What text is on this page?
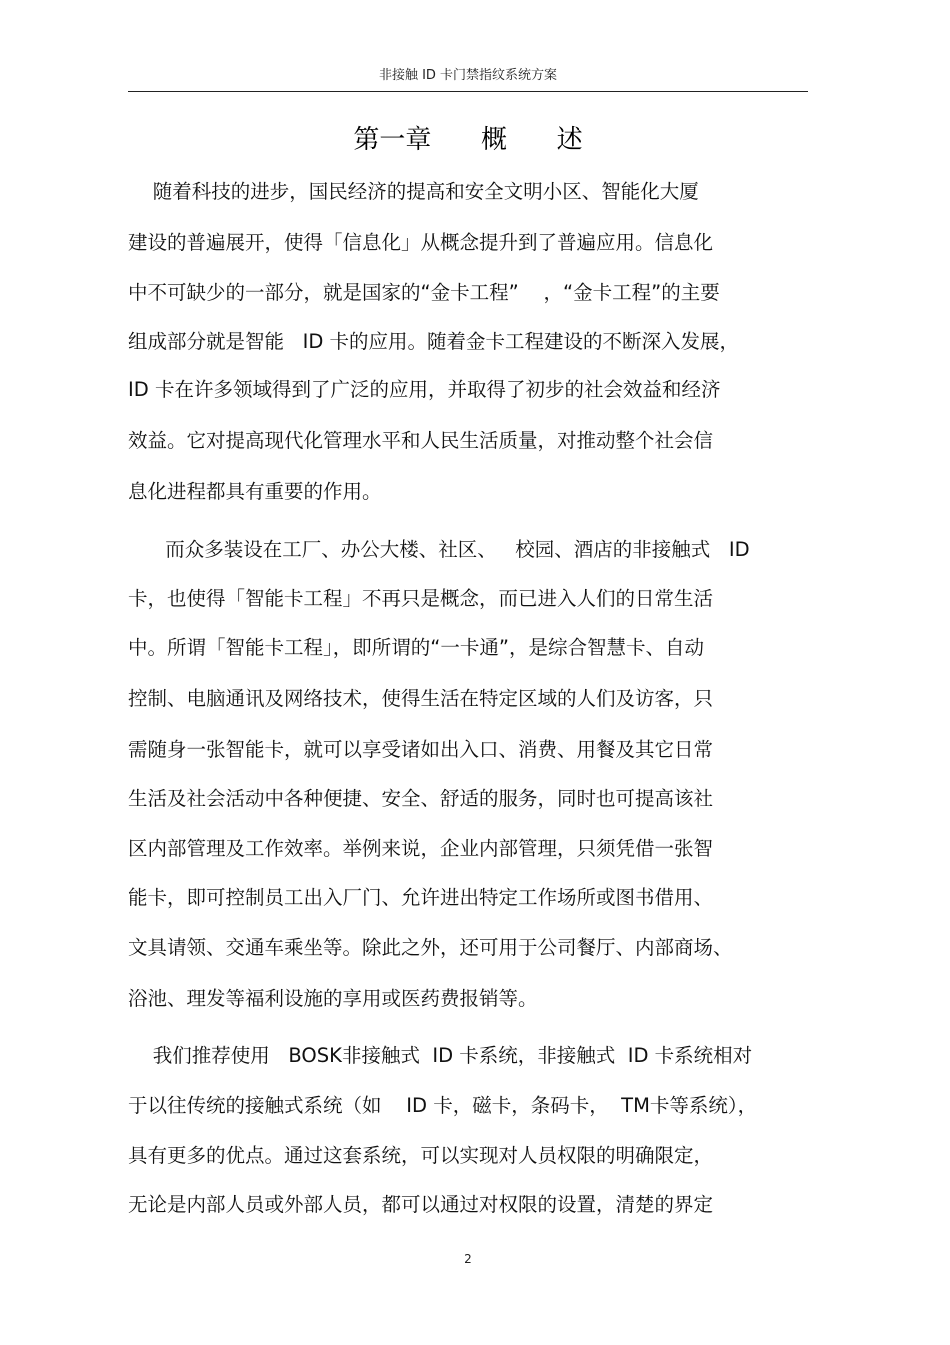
非接触 ID 卡门禁指纹系统方案
第一章      概      述
随着科技的进步，国民经济的提高和安全文明小区、智能化大厦
建设的普遍展开，使得「信息化」从概念提升到了普遍应用。信息化
中不可缺少的一部分，就是国家的“金卡工程”    ，“金卡工程”的主要
组成部分就是智能   ID 卡的应用。随着金卡工程建设的不断深入发展，
ID 卡在许多领域得到了广泛的应用，并取得了初步的社会效益和经济
效益。它对提高现代化管理水平和人民生活质量，对推动整个社会信
息化进程都具有重要的作用。
而众多装设在工厂、办公大楼、社区、   校园、酒店的非接触式   ID
卡，也使得「智能卡工程」不再只是概念，而已进入人们的日常生活
中。所谓「智能卡工程」，即所谓的“一卡通”，是综合智慧卡、自动
控制、电脑通讯及网络技术，使得生活在特定区域的人们及访客，只
需随身一张智能卡，就可以享受诸如出入口、消费、用餐及其它日常
生活及社会活动中各种便捷、安全、舒适的服务，同时也可提高该社
区内部管理及工作效率。举例来说，企业内部管理，只须凭借一张智
能卡，即可控制员工出入厂门、允许进出特定工作场所或图书借用、
文具请领、交通车乘坐等。除此之外，还可用于公司餐厅、内部商场、
浴池、理发等福利设施的享用或医药费报销等。
我们推荐使用   BOSK非接触式  ID 卡系统，非接触式  ID 卡系统相对
于以往传统的接触式系统（如    ID 卡，磁卡，条码卡，  TM卡等系统），
具有更多的优点。通过这套系统，可以实现对人员权限的明确限定，
无论是内部人员或外部人员，都可以通过对权限的设置，清楚的界定
2
